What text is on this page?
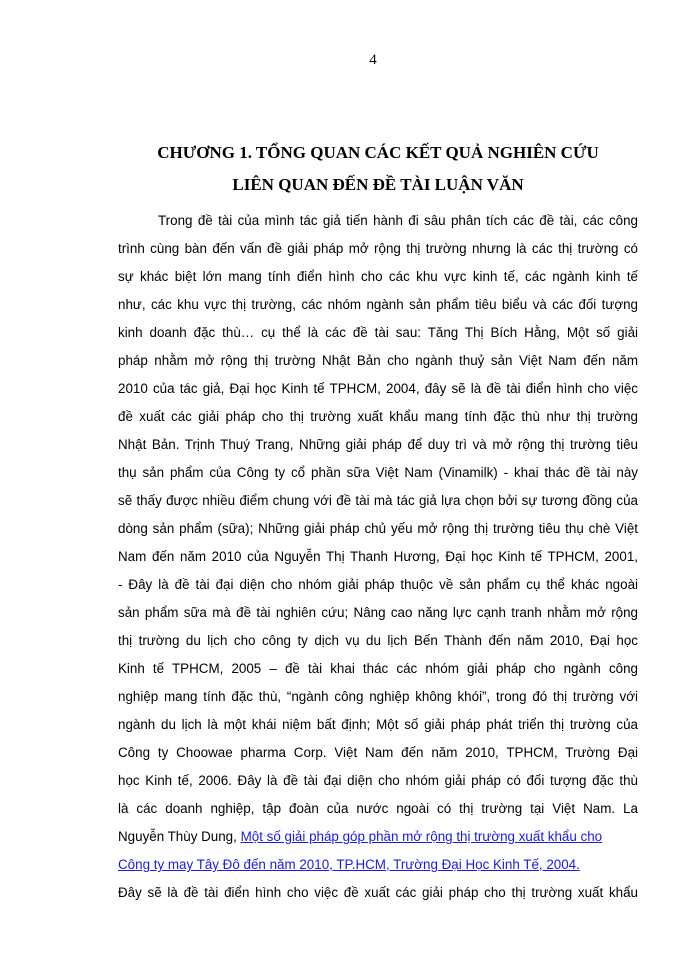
4
CHƯƠNG 1. TỔNG QUAN CÁC KẾT QUẢ NGHIÊN CỨU
LIÊN QUAN ĐẾN ĐỀ TÀI LUẬN VĂN
Trong đề tài của mình tác giả tiến hành đi sâu phân tích các đề tài, các công
trình cùng bàn đến vấn đề giải pháp mở rộng thị trường nhưng là các thị trường có
sự khác biệt lớn mang tính điển hình cho các khu vực kinh tế, các ngành kinh tế
như, các khu vực thị trường, các nhóm ngành sản phẩm tiêu biểu và các đối tượng
kinh doanh đặc thù… cụ thể là các đề tài sau: Tăng Thị Bích Hằng, Một số giải
pháp nhằm mở rộng thị trường Nhật Bản cho ngành thuỷ sản Việt Nam đến năm
2010 của tác giả, Đại học Kinh tế TPHCM, 2004, đây sẽ là đề tài điển hình cho việc
đề xuất các giải pháp cho thị trường xuất khẩu mang tính đặc thù như thị trường
Nhật Bản. Trịnh Thuý Trang, Những giải pháp để duy trì và mở rộng thị trường tiêu
thụ sản phẩm của Công ty cổ phần sữa Việt Nam (Vinamilk) - khai thác đề tài này
sẽ thấy được nhiều điểm chung với đề tài mà tác giả lựa chọn bởi sự tương đồng của
dòng sản phẩm (sữa); Những giải pháp chủ yếu mở rộng thị trường tiêu thụ chè Việt
Nam đến năm 2010 của Nguyễn Thị Thanh Hương, Đại học Kinh tế TPHCM, 2001,
- Đây là đề tài đại diện cho nhóm giải pháp thuộc về sản phẩm cụ thể khác ngoài
sản phẩm sữa mà đề tài nghiên cứu; Nâng cao năng lực cạnh tranh nhằm mở rộng
thị trường du lịch cho công ty dịch vụ du lịch Bến Thành đến năm 2010, Đại học
Kinh tế TPHCM, 2005 – đề tài khai thác các nhóm giải pháp cho ngành công
nghiệp mang tính đặc thù, “ngành công nghiệp không khói”, trong đó thị trường với
ngành du lịch là một khái niệm bất định; Một số giải pháp phát triển thị trường của
Công ty Choowae pharma Corp. Việt Nam đến năm 2010, TPHCM, Trường Đại
học Kinh tế, 2006. Đây là đề tài đại diện cho nhóm giải pháp có đối tượng đặc thù
là các doanh nghiệp, tập đoàn của nước ngoài có thị trường tại Việt Nam. La
Nguyễn Thùy Dung, Một số giải pháp góp phần mở rộng thị trường xuất khẩu cho
Công ty may Tây Đô đến năm 2010, TP.HCM, Trường Đại Học Kinh Tế, 2004.
Đây sẽ là đề tài điển hình cho việc đề xuất các giải pháp cho thị trường xuất khẩu
